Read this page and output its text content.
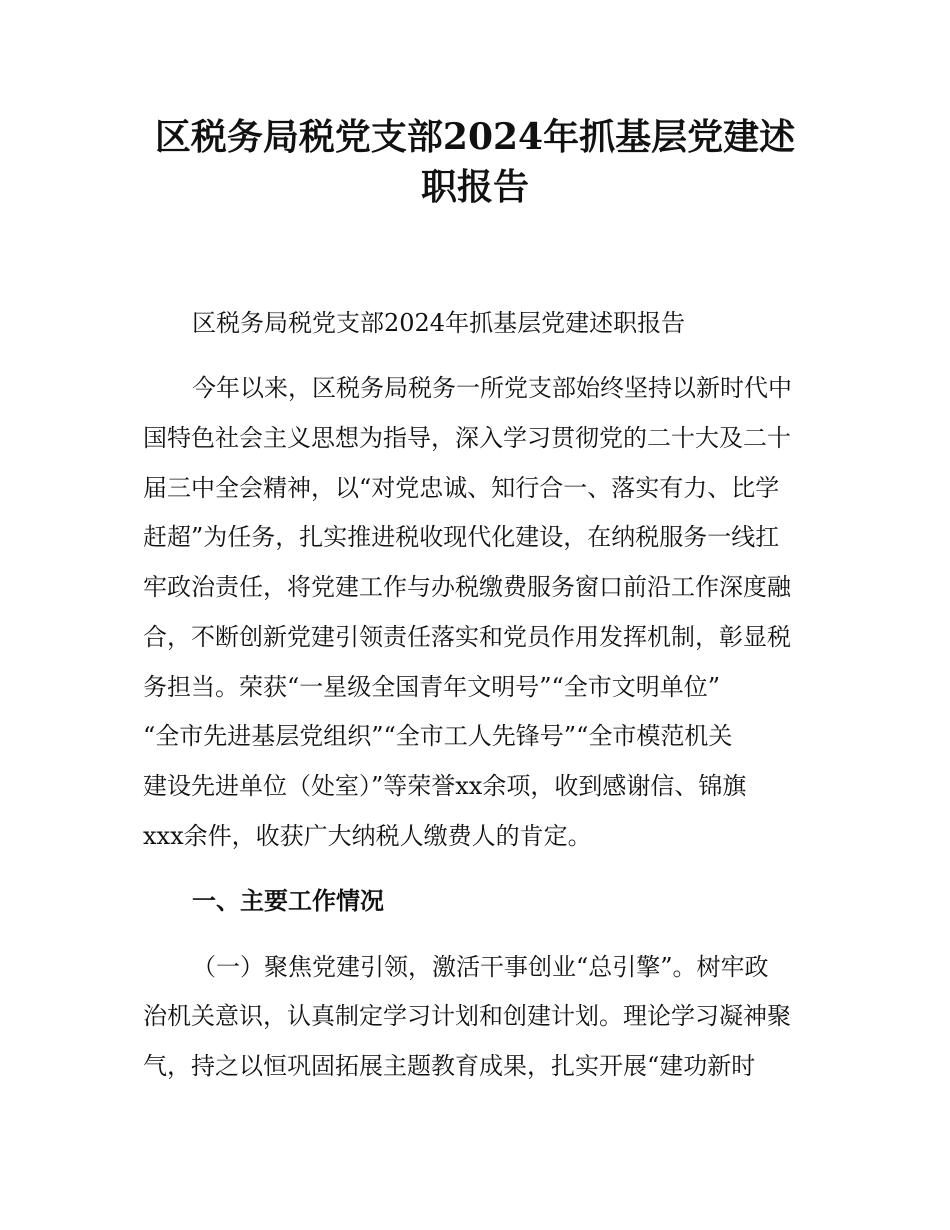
区税务局税党支部2024年抓基层党建述职报告

区税务局税党支部2024年抓基层党建述职报告

今年以来，区税务局税务一所党支部始终坚持以新时代中

国特色社会主义思想为指导，深入学习贯彻党的二十大及二十

届三中全会精神，以“对党忠诚、知行合一、落实有力、比学

赶超”为任务，扎实推进税收现代化建设，在纳税服务一线扛

牢政治责任，将党建工作与办税缴费服务窗口前沿工作深度融

合，不断创新党建引领责任落实和党员作用发挥机制，彰显税

务担当。荣获“一星级全国青年文明号”“全市文明单位”

“全市先进基层党组织”“全市工人先锋号”“全市模范机关

建设先进单位（处室）”等荣誉xx余项，收到感谢信、锦旗

xxx余件，收获广大纳税人缴费人的肯定。

一、主要工作情况

（一）聚焦党建引领，激活干事创业“总引擎”。树牢政

治机关意识，认真制定学习计划和创建计划。理论学习凝神聚

气，持之以恒巩固拓展主题教育成果，扎实开展“建功新时
